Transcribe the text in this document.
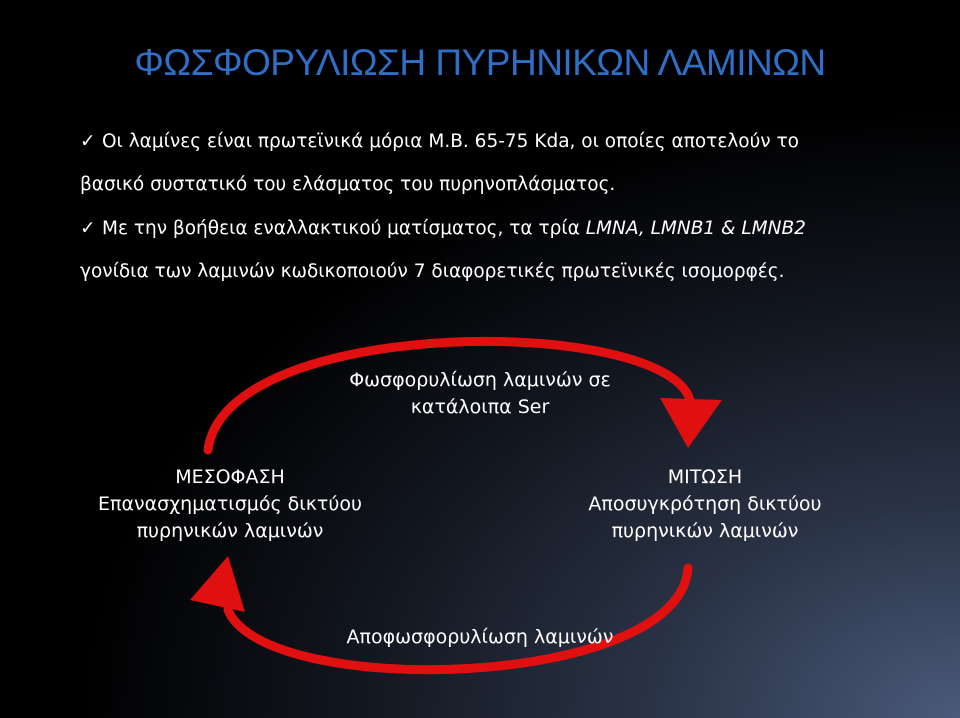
ΦΩΣΦΟΡΥΛΙΩΣΗ ΠΥΡΗΝΙΚΩΝ ΛΑΜΙΝΩΝ
✓ Οι λαμίνες είναι πρωτεϊνικά μόρια Μ.Β. 65-75 Kda, οι οποίες αποτελούν το
βασικό συστατικό του ελάσματος του πυρηνοπλάσματος.
✓ Με την βοήθεια εναλλακτικού ματίσματος, τα τρία LMNA, LMNB1 & LMNB2
γονίδια των λαμινών κωδικοποιούν 7 διαφορετικές πρωτεϊνικές ισομορφές.
Φωσφορυλίωση λαμινών σε
κατάλοιπα Ser
ΜΕΣΟΦΑΣΗ
Επανασχηματισμός δικτύου
πυρηνικών λαμινών
ΜΙΤΩΣΗ
Αποσυγκρότηση δικτύου
πυρηνικών λαμινών
Αποφωσφορυλίωση λαμινών
